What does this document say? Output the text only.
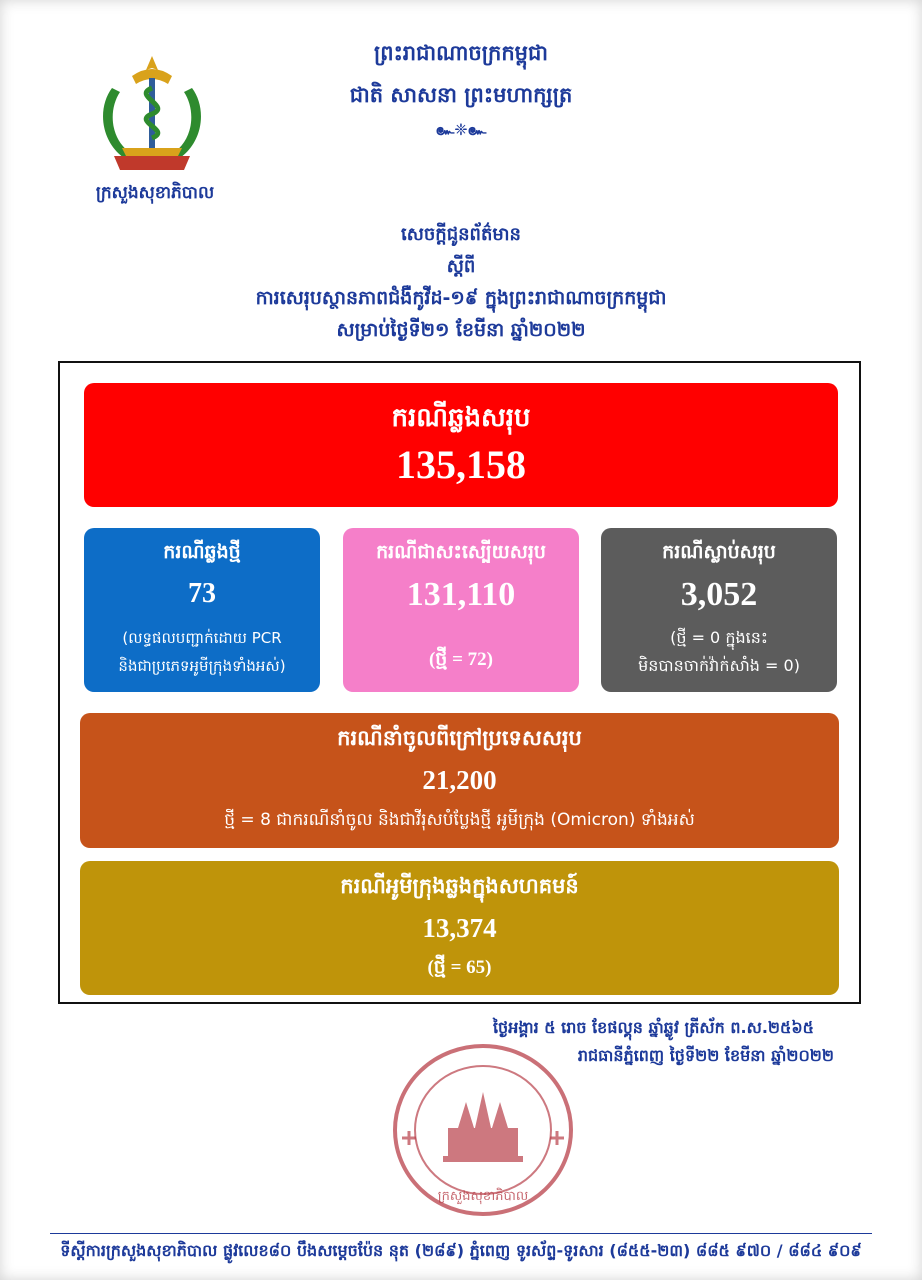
ក្រសួងសុខាភិបាល
ព្រះរាជាណាចក្រកម្ពុជា
ជាតិ សាសនា ព្រះមហាក្សត្រ
๛❈๛
សេចក្ដីជូនព័ត៌មាន
ស្ដីពី
ការសេរុបស្ថានភាពជំងឺកូវីដ-១៩ ក្នុងព្រះរាជាណាចក្រកម្ពុជា
សម្រាប់ថ្ងៃទី២១ ខែមីនា ឆ្នាំ២០២២
ករណីឆ្លងសរុប
135,158
ករណីឆ្លងថ្មី
73
(លទ្ធផលបញ្ជាក់ដោយ PCR
និងជាប្រភេទអូមីក្រុងទាំងអស់)
ករណីជាសះស្បើយសរុប
131,110
(ថ្មី = 72)
ករណីស្លាប់សរុប
3,052
(ថ្មី = 0 ក្នុងនេះ
មិនបានចាក់វ៉ាក់សាំង = 0)
ករណីនាំចូលពីក្រៅប្រទេសសរុប
21,200
ថ្មី = 8 ជាករណីនាំចូល និងជាវីរុសបំប្លែងថ្មី អូមីក្រុង (Omicron) ទាំងអស់
ករណីអូមីក្រុងឆ្លងក្នុងសហគមន៍
13,374
(ថ្មី = 65)
ថ្ងៃអង្គារ ៥ រោច ខែផល្គុន ឆ្នាំឆ្លូវ ត្រីស័ក ព.ស.២៥៦៥
រាជធានីភ្នំពេញ ថ្ងៃទី២២ ខែមីនា ឆ្នាំ២០២២
ក្រសួងសុខាភិបាល
ទីស្ដីការក្រសួងសុខាភិបាល ផ្លូវលេខ៨០ បឹងសម្ដេចប៉ែន នុត (២៨៩) ភ្នំពេញ ទូរស័ព្ទ-ទូរសារ (៨៥៥-២៣) ៨៨៥ ៩៧០ / ៨៨៤ ៩០៩
